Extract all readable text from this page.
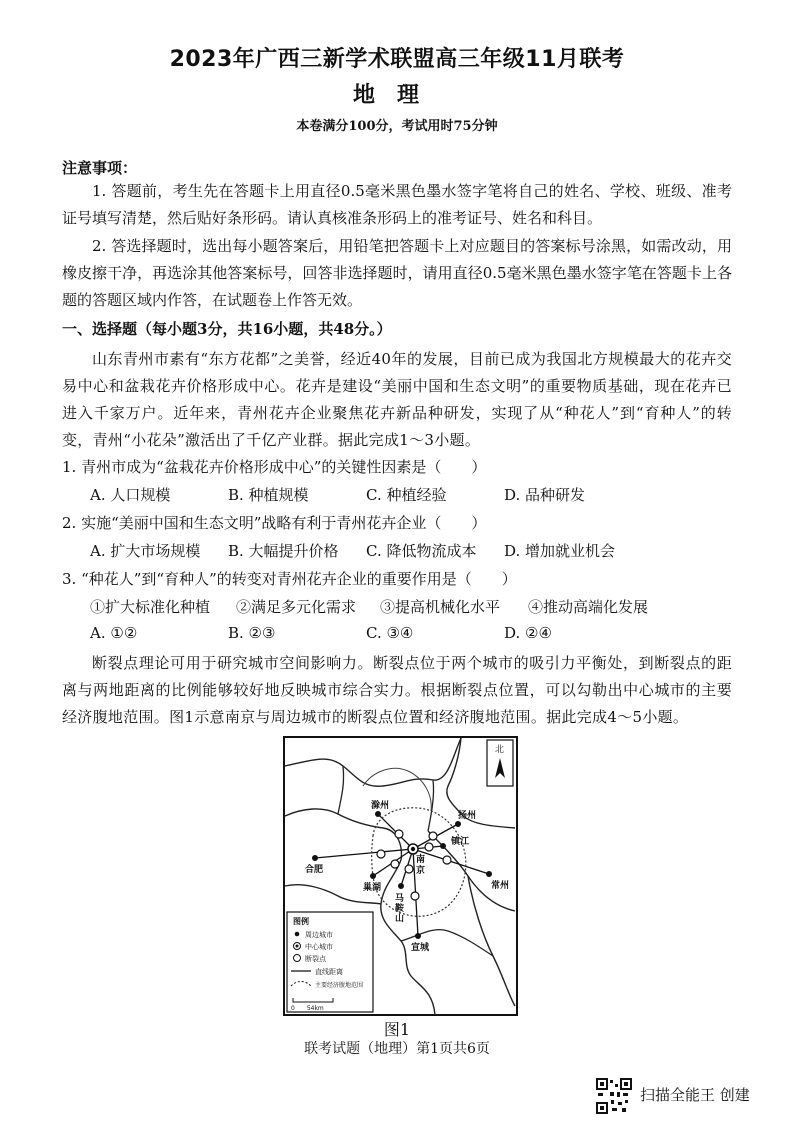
2023年广西三新学术联盟高三年级11月联考
地理
本卷满分100分，考试用时75分钟
注意事项：
1. 答题前，考生先在答题卡上用直径0.5毫米黑色墨水签字笔将自己的姓名、学校、班级、准考证号填写清楚，然后贴好条形码。请认真核准条形码上的准考证号、姓名和科目。
2. 答选择题时，选出每小题答案后，用铅笔把答题卡上对应题目的答案标号涂黑，如需改动，用橡皮擦干净，再选涂其他答案标号，回答非选择题时，请用直径0.5毫米黑色墨水签字笔在答题卡上各题的答题区域内作答，在试题卷上作答无效。
一、选择题（每小题3分，共16小题，共48分。）
山东青州市素有“东方花都”之美誉，经近40年的发展，目前已成为我国北方规模最大的花卉交易中心和盆栽花卉价格形成中心。花卉是建设“美丽中国和生态文明”的重要物质基础，现在花卉已进入千家万户。近年来，青州花卉企业聚焦花卉新品种研发，实现了从“种花人”到“育种人”的转变，青州“小花朵”激活出了千亿产业群。据此完成1～3小题。
1. 青州市成为“盆栽花卉价格形成中心”的关键性因素是（　　）
A. 人口规模	B. 种植规模	C. 种植经验	D. 品种研发
2. 实施“美丽中国和生态文明”战略有利于青州花卉企业（　　）
A. 扩大市场规模 B. 大幅提升价格 C. 降低物流成本 D. 增加就业机会
3. “种花人”到“育种人”的转变对青州花卉企业的重要作用是（　　）
①扩大标准化种植 ②满足多元化需求 ③提高机械化水平 ④推动高端化发展
A. ①②	B. ②③	C. ③④	D. ②④
断裂点理论可用于研究城市空间影响力。断裂点位于两个城市的吸引力平衡处，到断裂点的距离与两地距离的比例能够较好地反映城市综合实力。根据断裂点位置，可以勾勒出中心城市的主要经济腹地范围。图1示意南京与周边城市的断裂点位置和经济腹地范围。据此完成4～5小题。
滁州
扬州
镇江
合肥
巢湖	常州
宣城
南
京
马
鞍
山
北
图例
周边城市
中心城市
断裂点
直线距离
主要经济腹地范围
0　　54km
图1
联考试题（地理）第1页共6页
扫描全能王 创建
